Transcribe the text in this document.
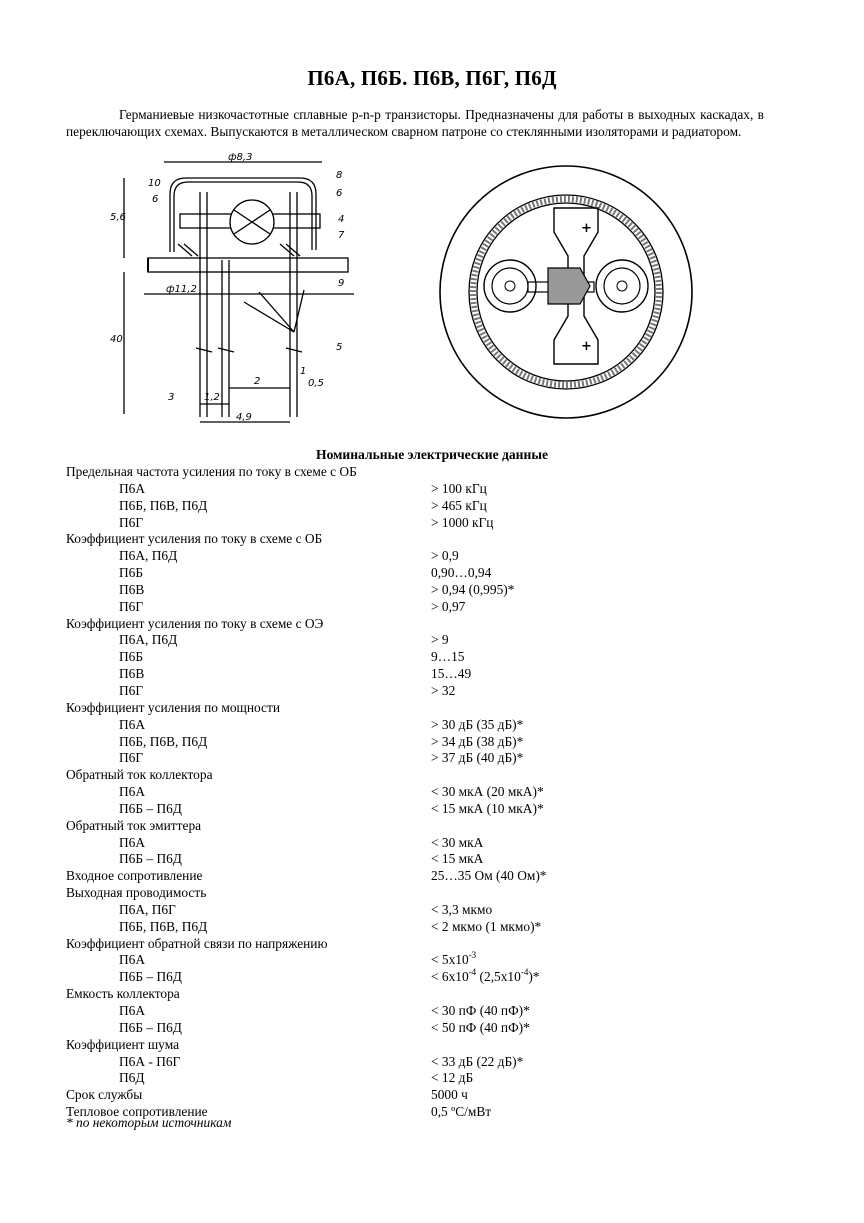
П6А, П6Б. П6В, П6Г, П6Д
Германиевые низкочастотные сплавные p-n-p транзисторы. Предназначены для работы в выходных каскадах, в переключающих схемах. Выпускаются в металлическом сварном патроне со стеклянными изоляторами и радиатором.
ф8,3
ф11,2
5,6
40
1,2
2
4,9
0,5
10
6
8
6
4
7
9
5
3
1
+
+
Номинальные электрические данные
Предельная частота усиления по току в схеме с ОБ
П6А	> 100 кГц
П6Б, П6В, П6Д	> 465 кГц
П6Г	> 1000 кГц
Коэффициент усиления по току в схеме с ОБ
П6А, П6Д	> 0,9
П6Б	0,90…0,94
П6В	> 0,94 (0,995)*
П6Г	> 0,97
Коэффициент усиления по току в схеме с ОЭ
П6А, П6Д	> 9
П6Б	9…15
П6В	15…49
П6Г	> 32
Коэффициент усиления по мощности
П6А	> 30 дБ (35 дБ)*
П6Б, П6В, П6Д	> 34 дБ (38 дБ)*
П6Г	> 37 дБ (40 дБ)*
Обратный ток коллектора
П6А	< 30 мкА (20 мкА)*
П6Б – П6Д	< 15 мкА (10 мкА)*
Обратный ток эмиттера
П6А	< 30 мкА
П6Б – П6Д	< 15 мкА
Входное сопротивление	25…35 Ом (40 Ом)*
Выходная проводимость
П6А, П6Г	< 3,3 мкмо
П6Б, П6В, П6Д	< 2 мкмо (1 мкмо)*
Коэффициент обратной связи по напряжению
П6А	< $5x10^{-3}$
П6Б – П6Д	< $6x10^{-4}$ $(2,5x10^{-4})*$
Емкость коллектора
П6А	< 30 пФ (40 пФ)*
П6Б – П6Д	< 50 пФ (40 пФ)*
Коэффициент шума
П6А - П6Г	< 33 дБ (22 дБ)*
П6Д	< 12 дБ
Срок службы	5000 ч
Тепловое сопротивление	0,5 ºC/мВт
* по некоторым источникам
